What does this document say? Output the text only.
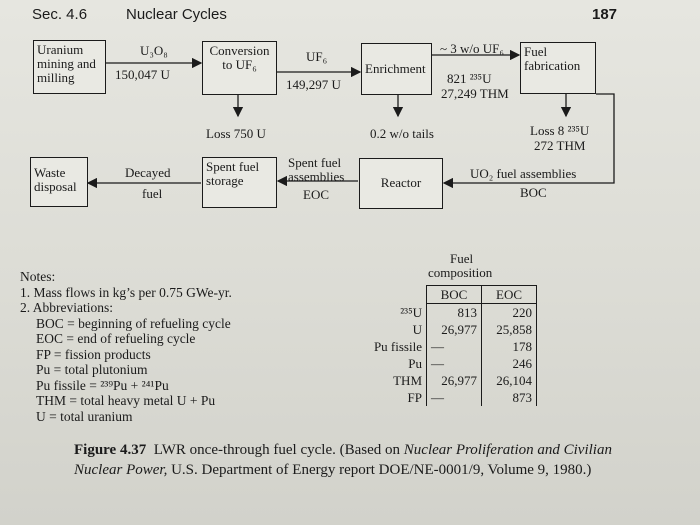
Sec. 4.6	Nuclear Cycles	187
Uranium mining and milling
U₃O₈
150,047 U
Conversion to UF₆
UF₆
149,297 U
Enrichment
~ 3 w/o UF₆
821 ²³⁵U
27,249 THM
Fuel fabrication
Loss 750 U	0.2 w/o tails	Loss 8 ²³⁵U
272 THM
Waste disposal
Decayed
fuel
Spent fuel storage
Spent fuel assemblies
EOC
Reactor
UO₂ fuel assemblies
BOC
Notes:
1. Mass flows in kg’s per 0.75 GWe-yr.
2. Abbreviations:
BOC = beginning of refueling cycle
EOC = end of refueling cycle
FP = fission products
Pu = total plutonium
Pu fissile = ²³⁹Pu + ²⁴¹Pu
THM = total heavy metal U + Pu
U = total uranium
Fuel
composition
	BOC	EOC
²³⁵U	813	220
U	26,977	25,858
Pu fissile	—	178
Pu	—	246
THM	26,977	26,104
FP	—	873
Figure 4.37 LWR once-through fuel cycle. (Based on Nuclear Proliferation and Civilian Nuclear Power, U.S. Department of Energy report DOE/NE-0001/9, Volume 9, 1980.)
